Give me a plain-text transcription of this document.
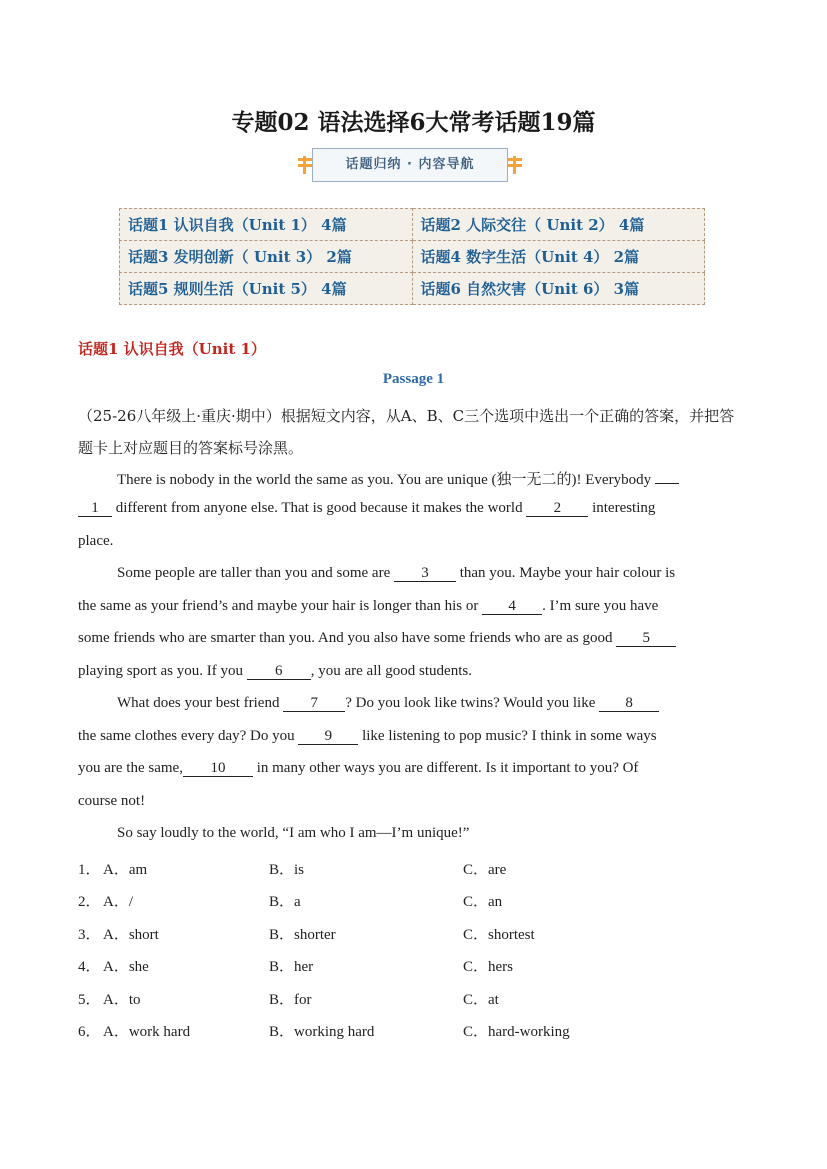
专题02 语法选择6大常考话题19篇
话题归纳 · 内容导航
话题1 认识自我（Unit 1） 4篇	话题2 人际交往（ Unit 2） 4篇
话题3 发明创新（ Unit 3） 2篇	话题4 数字生活（Unit 4） 2篇
话题5 规则生活（Unit 5） 4篇	话题6 自然灾害（Unit 6） 3篇
话题1 认识自我（Unit 1）
Passage 1
（25-26八年级上·重庆·期中）根据短文内容，从A、B、C三个选项中选出一个正确的答案，并把答题卡上对应题目的答案标号涂黑。
There is nobody in the world the same as you. You are unique (独一无二的)! Everybody
1 different from anyone else. That is good because it makes the world 2 interesting
place.
Some people are taller than you and some are 3 than you. Maybe your hair colour is
the same as your friend’s and maybe your hair is longer than his or 4 . I’m sure you have
some friends who are smarter than you. And you also have some friends who are as good 5
playing sport as you. If you 6 , you are all good students.
What does your best friend 7 ? Do you look like twins? Would you like 8
the same clothes every day? Do you 9 like listening to pop music? I think in some ways
you are the same, 10 in many other ways you are different. Is it important to you? Of
course not!
So say loudly to the world, “I am who I am—I’m unique!”
1． A．am	B．is	C．are
2． A．/	B．a	C．an
3． A．short	B．shorter	C．shortest
4． A．she	B．her	C．hers
5． A．to	B．for	C．at
6． A．work hard	B．working hard	C．hard-working
